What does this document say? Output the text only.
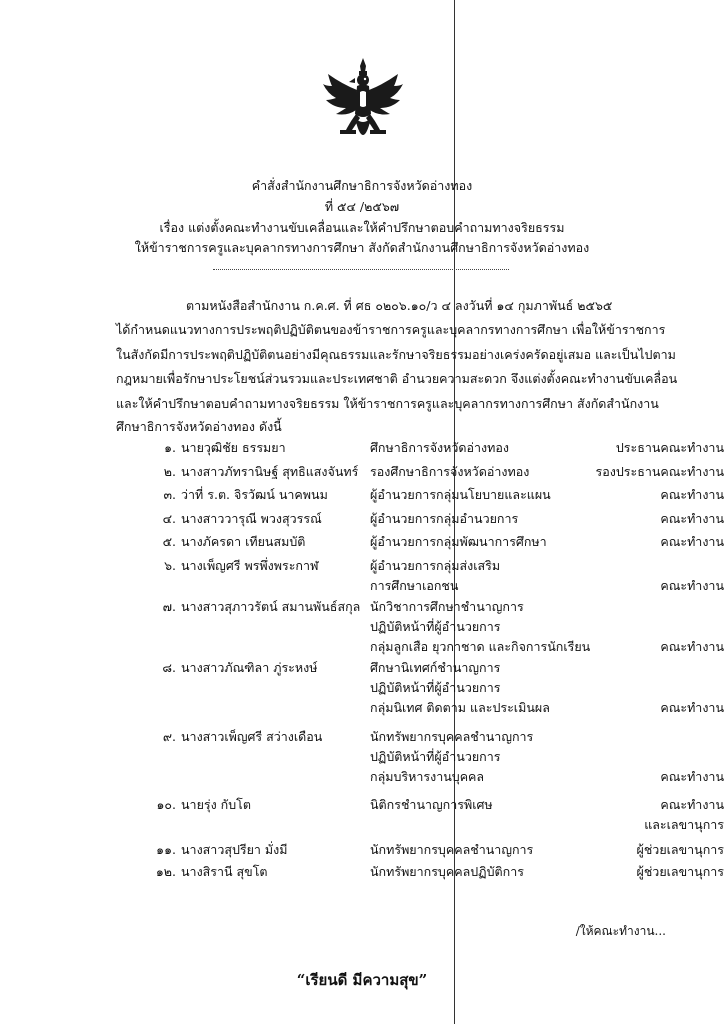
คำสั่งสำนักงานศึกษาธิการจังหวัดอ่างทอง
ที่ ๕๔ /๒๕๖๗
เรื่อง แต่งตั้งคณะทำงานขับเคลื่อนและให้คำปรึกษาตอบคำถามทางจริยธรรม
ให้ข้าราชการครูและบุคลากรทางการศึกษา สังกัดสำนักงานศึกษาธิการจังหวัดอ่างทอง
ตามหนังสือสำนักงาน ก.ค.ศ. ที่ ศธ ๐๒๐๖.๑๐/ว ๔ ลงวันที่ ๑๔ กุมภาพันธ์ ๒๕๖๕
ได้กำหนดแนวทางการประพฤติปฏิบัติตนของข้าราชการครูและบุคลากรทางการศึกษา เพื่อให้ข้าราชการ
ในสังกัดมีการประพฤติปฏิบัติตนอย่างมีคุณธรรมและรักษาจริยธรรมอย่างเคร่งครัดอยู่เสมอ และเป็นไปตาม
กฎหมายเพื่อรักษาประโยชน์ส่วนรวมและประเทศชาติ อำนวยความสะดวก จึงแต่งตั้งคณะทำงานขับเคลื่อน
และให้คำปรึกษาตอบคำถามทางจริยธรรม ให้ข้าราชการครูและบุคลากรทางการศึกษา สังกัดสำนักงาน
ศึกษาธิการจังหวัดอ่างทอง ดังนี้
๑. นายวุฒิชัย ธรรมยา	ศึกษาธิการจังหวัดอ่างทอง	ประธานคณะทำงาน
๒. นางสาวภัทรานิษฐ์ สุทธิแสงจันทร์ รองศึกษาธิการจังหวัดอ่างทอง	รองประธานคณะทำงาน
๓. ว่าที่ ร.ต. จิรวัฒน์ นาคพนม	ผู้อำนวยการกลุ่มนโยบายและแผน	คณะทำงาน
๔. นางสาววารุณี พวงสุวรรณ์	ผู้อำนวยการกลุ่มอำนวยการ	คณะทำงาน
๕. นางภัครดา เทียนสมบัติ	ผู้อำนวยการกลุ่มพัฒนาการศึกษา	คณะทำงาน
๖. นางเพ็ญศรี พรพึ่งพระกาฬ	ผู้อำนวยการกลุ่มส่งเสริม
การศึกษาเอกชน	คณะทำงาน
๗. นางสาวสุภาวรัตน์ สมานพันธ์สกุล นักวิชาการศึกษาชำนาญการ
ปฏิบัติหน้าที่ผู้อำนวยการ
กลุ่มลูกเสือ ยุวกาชาด และกิจการนักเรียน	คณะทำงาน
๘. นางสาวภัณฑิลา ภู่ระหงษ์	ศึกษานิเทศก์ชำนาญการ
ปฏิบัติหน้าที่ผู้อำนวยการ
กลุ่มนิเทศ ติดตาม และประเมินผล	คณะทำงาน
๙. นางสาวเพ็ญศรี สว่างเดือน	นักทรัพยากรบุคคลชำนาญการ
ปฏิบัติหน้าที่ผู้อำนวยการ
กลุ่มบริหารงานบุคคล	คณะทำงาน
๑๐. นายรุ่ง กับโต	นิติกรชำนาญการพิเศษ	คณะทำงาน
และเลขานุการ
๑๑. นางสาวสุปรียา มั่งมี	นักทรัพยากรบุคคลชำนาญการ	ผู้ช่วยเลขานุการ
๑๒. นางสิรานี สุขโต	นักทรัพยากรบุคคลปฏิบัติการ	ผู้ช่วยเลขานุการ
/ให้คณะทำงาน...
“เรียนดี มีความสุข”
